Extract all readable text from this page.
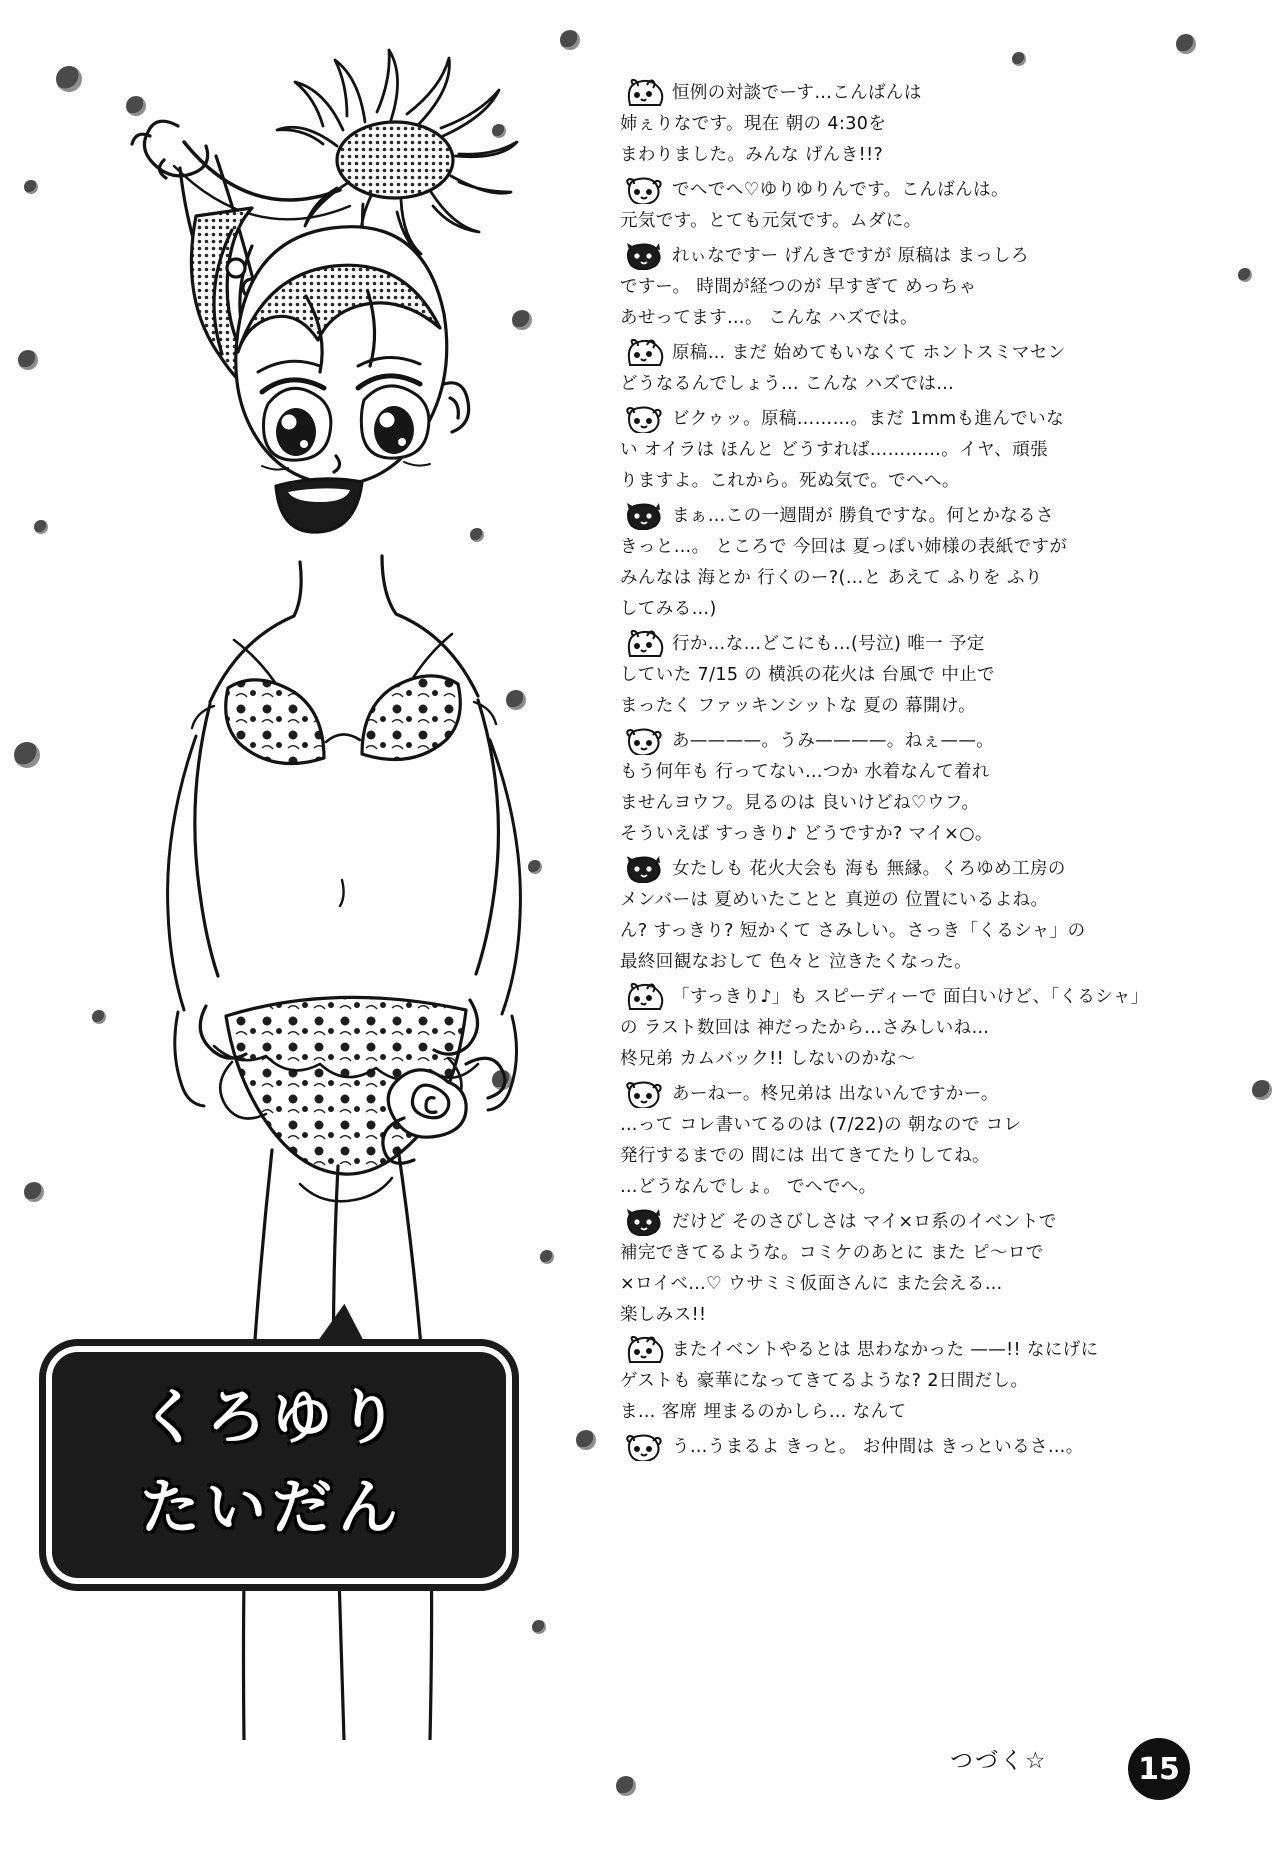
くろゆり
たいだん
恒例の対談でーす…こんばんは
姉ぇりなです。現在 朝の 4:30を
まわりました。みんな げんき!!?
でへでへ♡ゆりゆりんです。こんばんは。
元気です。とても元気です。ムダに。
れぃなですー げんきですが 原稿は まっしろ
ですー。 時間が経つのが 早すぎて めっちゃ
あせってます…。 こんな ハズでは。
原稿… まだ 始めてもいなくて ホントスミマセン
どうなるんでしょう… こんな ハズでは…
ビクゥッ。原稿………。まだ 1mmも進んでいな
い オイラは ほんと どうすれば…………。イヤ、頑張
りますよ。これから。死ぬ気で。でへへ。
まぁ…この一週間が 勝負ですな。何とかなるさ
きっと…。 ところで 今回は 夏っぽい姉様の表紙ですが
みんなは 海とか 行くのー?(…と あえて ふりを ふり
してみる…)
行か…な…どこにも…(号泣) 唯一 予定
していた 7/15 の 横浜の花火は 台風で 中止で
まったく ファッキンシットな 夏の 幕開け。
あ————。うみ————。ねぇ——。
もう何年も 行ってない…つか 水着なんて着れ
ませんヨウフ。見るのは 良いけどね♡ウフ。
そういえば すっきり♪ どうですか? マイ×○。
女たしも 花火大会も 海も 無縁。くろゆめ工房の
メンバーは 夏めいたことと 真逆の 位置にいるよね。
ん? すっきり? 短かくて さみしい。さっき「くるシャ」の
最終回観なおして 色々と 泣きたくなった。
「すっきり♪」も スピーディーで 面白いけど、「くるシャ」
の ラスト数回は 神だったから…さみしいね…
柊兄弟 カムバック!! しないのかな〜
あーねー。柊兄弟は 出ないんですかー。
…って コレ書いてるのは (7/22)の 朝なので コレ
発行するまでの 間には 出てきてたりしてね。
…どうなんでしょ。 でへでへ。
だけど そのさびしさは マイ×ロ系のイベントで
補完できてるような。コミケのあとに また ピ〜ロで
×ロイベ…♡ ウサミミ仮面さんに また会える…
楽しみス!!
またイベントやるとは 思わなかった ——!! なにげに
ゲストも 豪華になってきてるような? 2日間だし。
ま… 客席 埋まるのかしら… なんて
う…うまるよ きっと。 お仲間は きっといるさ…。
つづく☆	15
